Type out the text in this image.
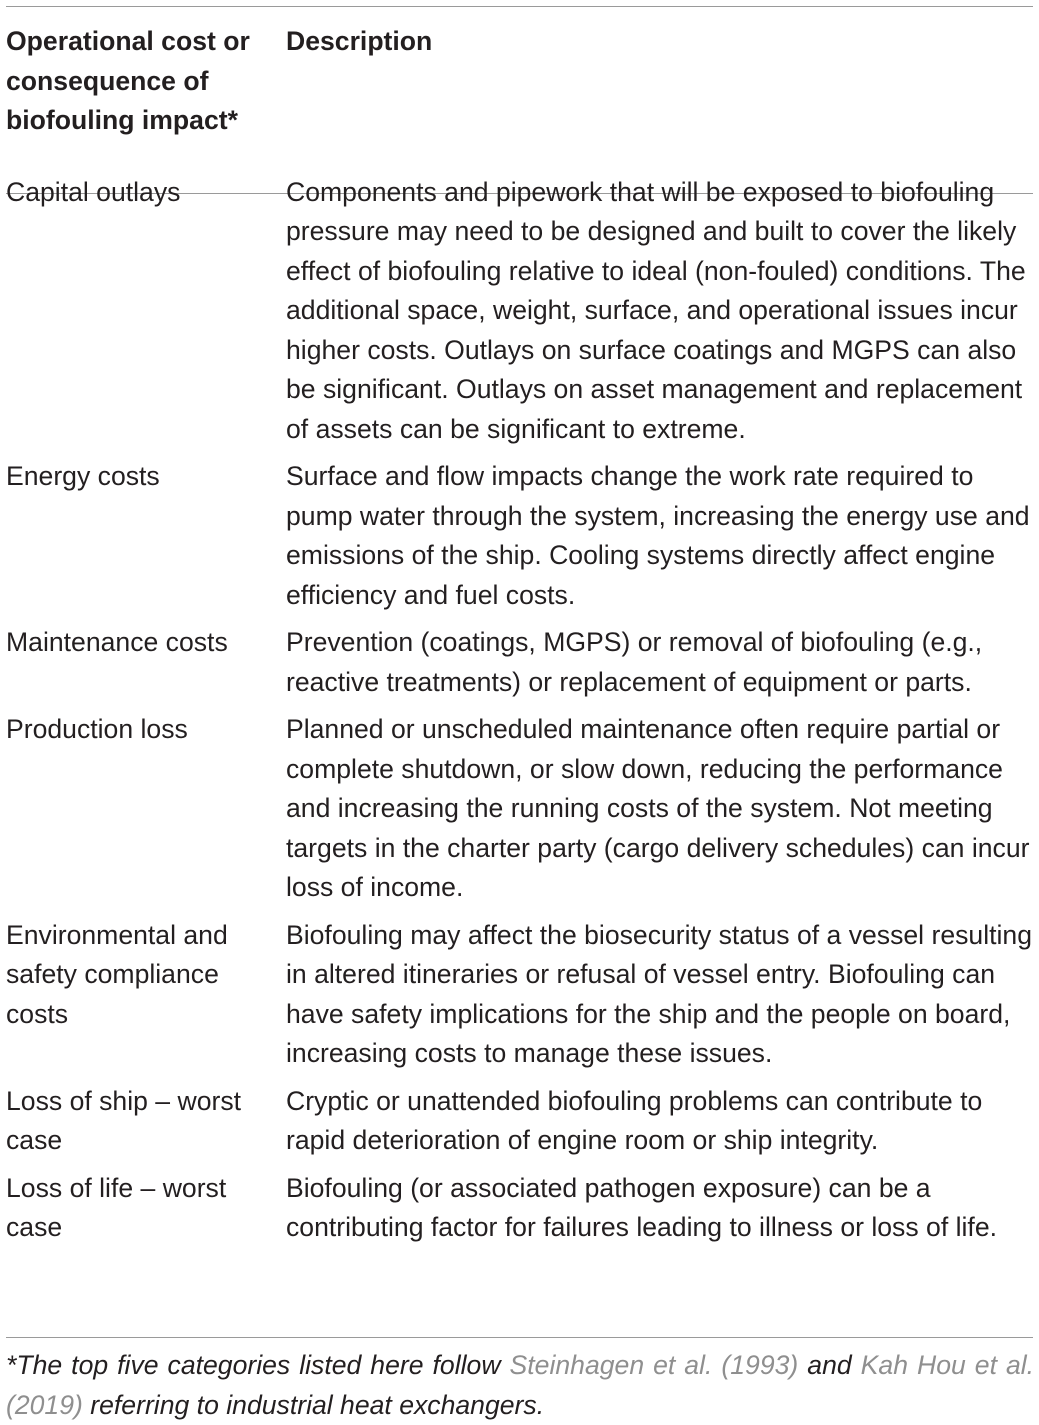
Operational cost or consequence of biofouling impact*	Description
Capital outlays	Components and pipework that will be exposed to biofouling pressure may need to be designed and built to cover the likely effect of biofouling relative to ideal (non-fouled) conditions. The additional space, weight, surface, and operational issues incur higher costs. Outlays on surface coatings and MGPS can also be significant. Outlays on asset management and replacement of assets can be significant to extreme.
Energy costs	Surface and flow impacts change the work rate required to pump water through the system, increasing the energy use and emissions of the ship. Cooling systems directly affect engine efficiency and fuel costs.
Maintenance costs	Prevention (coatings, MGPS) or removal of biofouling (e.g., reactive treatments) or replacement of equipment or parts.
Production loss	Planned or unscheduled maintenance often require partial or complete shutdown, or slow down, reducing the performance and increasing the running costs of the system. Not meeting targets in the charter party (cargo delivery schedules) can incur loss of income.
Environmental and safety compliance costs	Biofouling may affect the biosecurity status of a vessel resulting in altered itineraries or refusal of vessel entry. Biofouling can have safety implications for the ship and the people on board, increasing costs to manage these issues.
Loss of ship – worst case	Cryptic or unattended biofouling problems can contribute to rapid deterioration of engine room or ship integrity.
Loss of life – worst case	Biofouling (or associated pathogen exposure) can be a contributing factor for failures leading to illness or loss of life.
*The top five categories listed here follow Steinhagen et al. (1993) and Kah Hou et al. (2019) referring to industrial heat exchangers.
